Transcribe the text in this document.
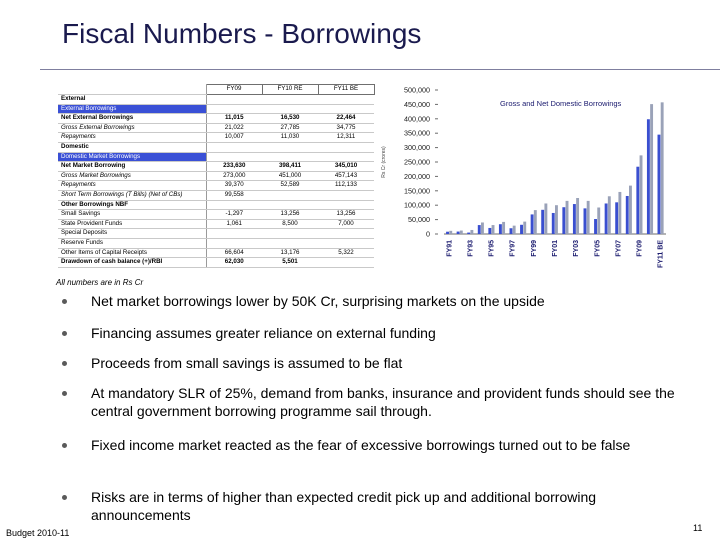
Fiscal Numbers - Borrowings
	FY09	FY10 RE	FY11 BE
External			
External Borrowings			
Net External Borrowings	11,015	16,530	22,464
Gross External Borrowings	21,022	27,785	34,775
Repayments	10,007	11,030	12,311
Domestic			
Domestic Market Borrowings			
Net Market Borrowing	233,630	398,411	345,010
Gross Market Borrowings	273,000	451,000	457,143
Repayments	39,370	52,589	112,133
Short Term Borrowings (T Bills) (Net of CBs)	99,558		
Other Borrowings NBF			
Small Savings	-1,297	13,256	13,256
State Provident Funds	1,061	8,500	7,000
Special Deposits			
Reserve Funds			
Other Items of Capital Receipts	66,604	13,176	5,322
Drawdown of cash balance (+)/RBI	62,030	5,501	
0
50,000
100,000
150,000
200,000
250,000
300,000
350,000
400,000
450,000
500,000
Rs Cr (crores)
Gross and Net Domestic Borrowings
FY91 FY93 FY95 FY97 FY99 FY01 FY03 FY05 FY07 FY09 FY11 BE
All numbers are in Rs Cr
Net market borrowings lower by 50K Cr, surprising markets on the upside
Financing assumes greater reliance on external funding
Proceeds from small savings is assumed to be flat
At mandatory SLR of 25%, demand from banks, insurance and provident funds should see the central government borrowing programme sail through.
Fixed income market reacted as the fear of excessive borrowings turned out to be false
Risks are in terms of higher than expected credit pick up and additional borrowing announcements
Budget 2010-11	11
